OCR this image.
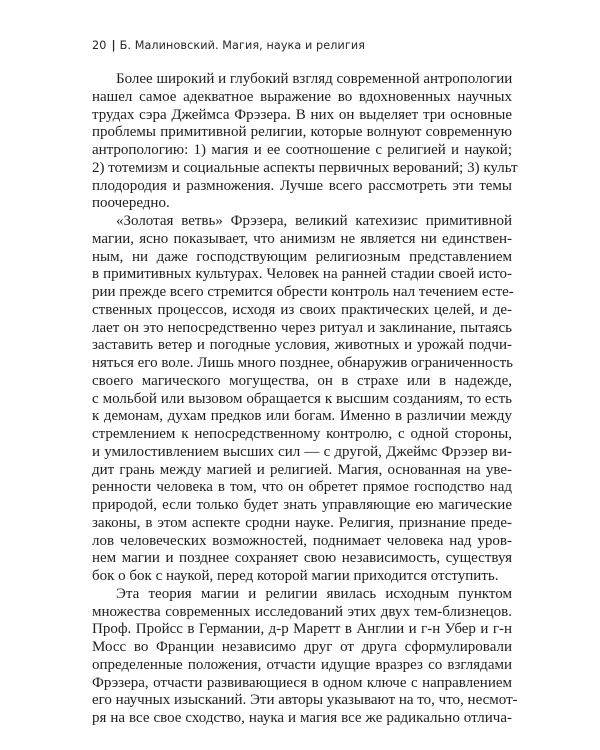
20 | Б. Малиновский. Магия, наука и религия
Более широкий и глубокий взгляд современной антропологии
нашел самое адекватное выражение во вдохновенных научных
трудах сэра Джеймса Фрэзера. В них он выделяет три основные
проблемы примитивной религии, которые волнуют современную
антропологию: 1) магия и ее соотношение с религией и наукой;
2) тотемизм и социальные аспекты первичных верований; 3) культ
плодородия и размножения. Лучше всего рассмотреть эти темы
поочередно.
«Золотая ветвь» Фрэзера, великий катехизис примитивной
магии, ясно показывает, что анимизм не является ни единствен-
ным, ни даже господствующим религиозным представлением
в примитивных культурах. Человек на ранней стадии своей исто-
рии прежде всего стремится обрести контроль нал течением есте-
ственных процессов, исходя из своих практических целей, и де-
лает он это непосредственно через ритуал и заклинание, пытаясь
заставить ветер и погодные условия, животных и урожай подчи-
няться его воле. Лишь много позднее, обнаружив ограниченность
своего магического могущества, он в страхе или в надежде,
с мольбой или вызовом обращается к высшим созданиям, то есть
к демонам, духам предков или богам. Именно в различии между
стремлением к непосредственному контролю, с одной стороны,
и умилостивлением высших сил — с другой, Джеймс Фрэзер ви-
дит грань между магией и религией. Магия, основанная на уве-
ренности человека в том, что он обретет прямое господство над
природой, если только будет знать управляющие ею магические
законы, в этом аспекте сродни науке. Религия, признание преде-
лов человеческих возможностей, поднимает человека над уров-
нем магии и позднее сохраняет свою независимость, существуя
бок о бок с наукой, перед которой магии приходится отступить.
Эта теория магии и религии явилась исходным пунктом
множества современных исследований этих двух тем-близнецов.
Проф. Пройсс в Германии, д-р Маретт в Англии и г-н Убер и г-н
Мосс во Франции независимо друг от друга сформулировали
определенные положения, отчасти идущие вразрез со взглядами
Фрэзера, отчасти развивающиеся в одном ключе с направлением
его научных изысканий. Эти авторы указывают на то, что, несмот-
ря на все свое сходство, наука и магия все же радикально отлича-
